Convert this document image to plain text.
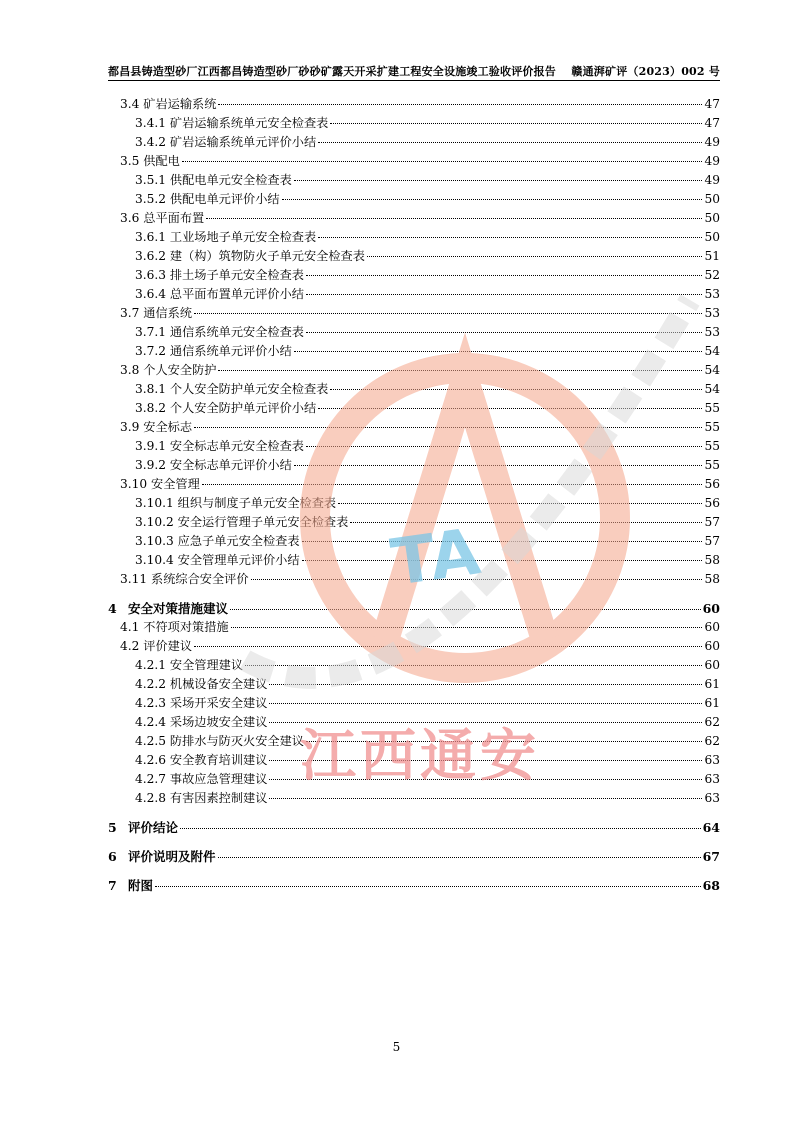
都昌县铸造型砂厂江西都昌铸造型砂厂砂砂矿露天开采扩建工程安全设施竣工验收评价报告 赣通湃矿评（2023）002 号
3.4 矿岩运输系统	47
3.4.1 矿岩运输系统单元安全检查表	47
3.4.2 矿岩运输系统单元评价小结	49
3.5 供配电	49
3.5.1 供配电单元安全检查表	49
3.5.2 供配电单元评价小结	50
3.6 总平面布置	50
3.6.1 工业场地子单元安全检查表	50
3.6.2 建（构）筑物防火子单元安全检查表	51
3.6.3 排土场子单元安全检查表	52
3.6.4 总平面布置单元评价小结	53
3.7 通信系统	53
3.7.1 通信系统单元安全检查表	53
3.7.2 通信系统单元评价小结	54
3.8 个人安全防护	54
3.8.1 个人安全防护单元安全检查表	54
3.8.2 个人安全防护单元评价小结	55
3.9 安全标志	55
3.9.1 安全标志单元安全检查表	55
3.9.2 安全标志单元评价小结	55
3.10 安全管理	56
3.10.1 组织与制度子单元安全检查表	56
3.10.2 安全运行管理子单元安全检查表	57
3.10.3 应急子单元安全检查表	57
3.10.4 安全管理单元评价小结	58
3.11 系统综合安全评价	58
4 安全对策措施建议	60
4.1 不符项对策措施	60
4.2 评价建议	60
4.2.1 安全管理建议	60
4.2.2 机械设备安全建议	61
4.2.3 采场开采安全建议	61
4.2.4 采场边坡安全建议	62
4.2.5 防排水与防灭火安全建议	62
4.2.6 安全教育培训建议	63
4.2.7 事故应急管理建议	63
4.2.8 有害因素控制建议	63
5 评价结论	64
6 评价说明及附件	67
7 附图	68
TA
江西通安
5
